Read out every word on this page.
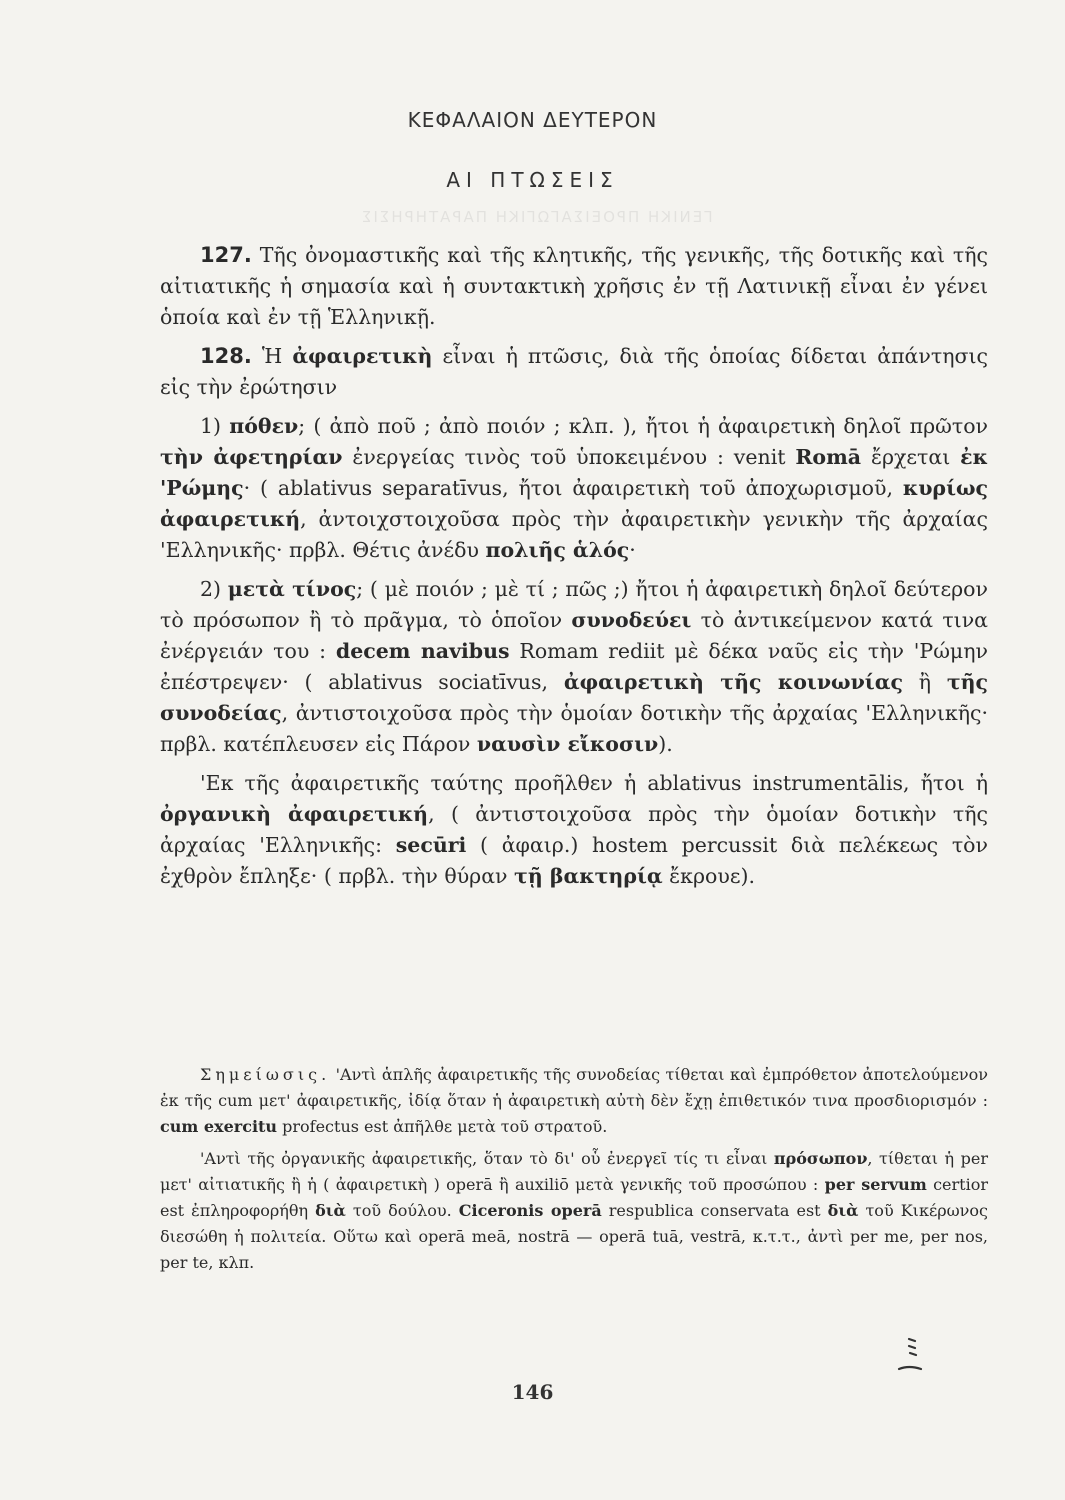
ΓΕΝΙΚΗ ΠΡΟΕΙΣΑΓΩΓΙΚΗ ΠΑΡΑΤΗΡΗΣΙΣ
ΚΕΦΑΛΑΙΟΝ ΔΕΥΤΕΡΟΝ
ΑΙ ΠΤΩΣΕΙΣ

127. Τῆς ὀνομαστικῆς καὶ τῆς κλητικῆς, τῆς γενικῆς, τῆς δοτικῆς καὶ τῆς αἰτιατικῆς ἡ σημασία καὶ ἡ συντακτικὴ χρῆσις ἐν τῇ Λατινικῇ εἶναι ἐν γένει ὁποία καὶ ἐν τῇ Ἑλληνικῇ.

128. Ἡ ἀφαιρετικὴ εἶναι ἡ πτῶσις, διὰ τῆς ὁποίας δίδεται ἀπάντησις εἰς τὴν ἐρώτησιν

1) πόθεν; ( ἀπὸ ποῦ ; ἀπὸ ποιόν ; κλπ. ), ἤτοι ἡ ἀφαιρετικὴ δηλοῖ πρῶτον τὴν ἀφετηρίαν ἐνεργείας τινὸς τοῦ ὑποκειμένου : venit Romā ἔρχεται ἐκ 'Ρώμης· ( ablativus separatīvus, ἤτοι ἀφαιρετικὴ τοῦ ἀποχωρισμοῦ, κυρίως ἀφαιρετική, ἀντοιχστοιχοῦσα πρὸς τὴν ἀφαιρετικὴν γενικὴν τῆς ἀρχαίας 'Ελληνικῆς· πρβλ. Θέτις ἀνέδυ πολιῆς ἁλός·

2) μετὰ τίνος; ( μὲ ποιόν ; μὲ τί ; πῶς ;) ἤτοι ἡ ἀφαιρετικὴ δηλοῖ δεύτερον τὸ πρόσωπον ἢ τὸ πρᾶγμα, τὸ ὁποῖον συνοδεύει τὸ ἀντικείμενον κατά τινα ἐνέργειάν του : decem navibus Romam rediit μὲ δέκα ναῦς εἰς τὴν 'Ρώμην ἐπέστρεψεν· ( ablativus sociatīvus, ἀφαιρετικὴ τῆς κοινωνίας ἢ τῆς συνοδείας, ἀντιστοιχοῦσα πρὸς τὴν ὁμοίαν δοτικὴν τῆς ἀρχαίας 'Ελληνικῆς· πρβλ. κατέπλευσεν εἰς Πάρον ναυσὶν εἴκοσιν).

'Εκ τῆς ἀφαιρετικῆς ταύτης προῆλθεν ἡ ablativus instrumentālis, ἤτοι ἡ ὀργανικὴ ἀφαιρετική, ( ἀντιστοιχοῦσα πρὸς τὴν ὁμοίαν δοτικὴν τῆς ἀρχαίας 'Ελληνικῆς: secūri ( ἀφαιρ.) hostem percussit διὰ πελέκεως τὸν ἐχθρὸν ἔπληξε· ( πρβλ. τὴν θύραν τῇ βακτηρίᾳ ἔκρουε).

Σημείωσις. 'Αντὶ ἁπλῆς ἀφαιρετικῆς τῆς συνοδείας τίθεται καὶ ἐμπρόθετον ἀποτελούμενον ἐκ τῆς cum μετ' ἀφαιρετικῆς, ἰδίᾳ ὅταν ἡ ἀφαιρετικὴ αὐτὴ δὲν ἔχῃ ἐπιθετικόν τινα προσδιορισμόν : cum exercitu profectus est ἀπῆλθε μετὰ τοῦ στρατοῦ.

'Αντὶ τῆς ὀργανικῆς ἀφαιρετικῆς, ὅταν τὸ δι' οὗ ἐνεργεῖ τίς τι εἶναι πρόσωπον, τίθεται ἡ per μετ' αἰτιατικῆς ἢ ἡ ( ἀφαιρετικὴ ) operā ἢ auxiliō μετὰ γενικῆς τοῦ προσώπου : per servum certior est ἐπληροφορήθη διὰ τοῦ δούλου. Ciceronis operā respublica conservata est διὰ τοῦ Κικέρωνος διεσώθη ἡ πολιτεία. Οὕτω καὶ operā meā, nostrā — operā tuā, vestrā, κ.τ.τ., ἀντὶ per me, per nos, per te, κλπ.

146
